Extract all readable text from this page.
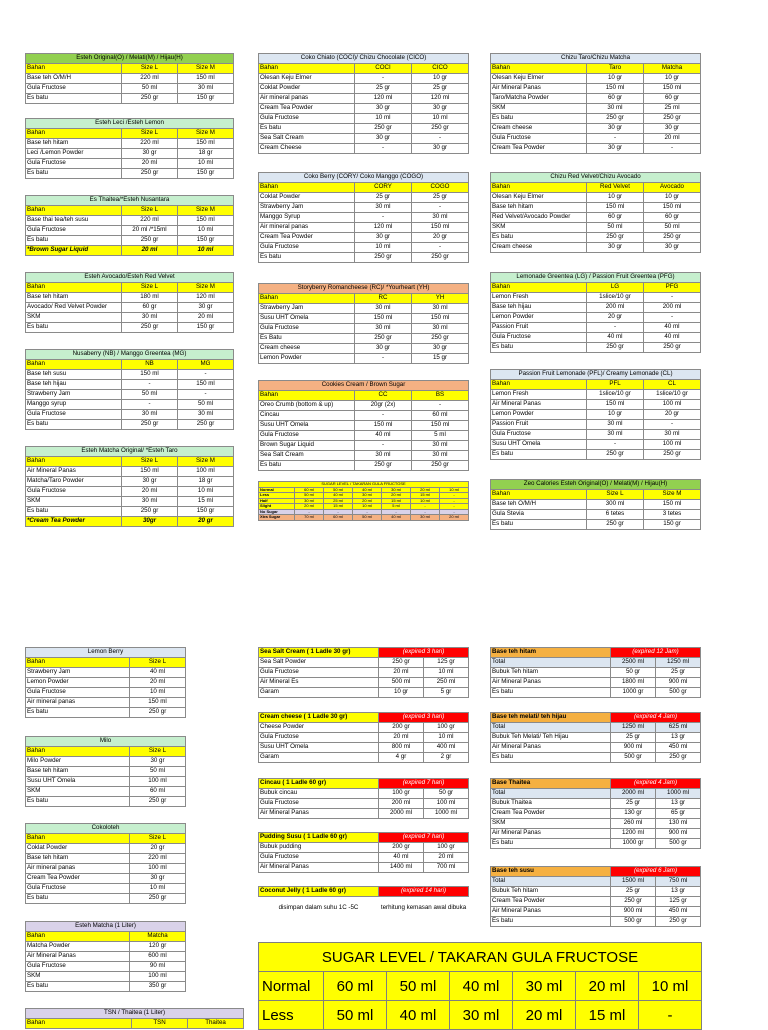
Esteh Original(O) / Melati(M) / Hijau(H)		
Bahan	Size L	Size M
Base teh O/M/H	220 ml	150 ml
Gula Fructose	50 ml	30 ml
Es batu	250 gr	150 gr
Esteh Leci /Esteh Lemon		
Bahan	Size L	Size M
Base teh hitam	220 ml	150 ml
Leci /Lemon Powder	30 gr	18 gr
Gula Fructose	20 ml	10 ml
Es batu	250 gr	150 gr
Es Thaitea/*Esteh Nusantara		
Bahan	Size L	Size M
Base thai tea/teh susu	220 ml	150 ml
Gula Fructose	20 ml /*15ml	10 ml
Es batu	250 gr	150 gr
*Brown Sugar Liquid	20 ml	10 ml
Esteh Avocado/Esteh Red Velvet		
Bahan	Size L	Size M
Base teh hitam	180 ml	120 ml
Avocado/ Red Velvet Powder	60 gr	30 gr
SKM	30 ml	20 ml
Es batu	250 gr	150 gr
Nusaberry (NB) / Manggo Greentea (MG)		
Bahan	NB	MG
Base teh susu	150 ml	-
Base teh hijau	-	150 ml
Strawberry Jam	50 ml	-
Manggo syrup	-	50 ml
Gula Fructose	30 ml	30 ml
Es batu	250 gr	250 gr
Esteh Matcha Original/ *Esteh Taro		
Bahan	Size L	Size M
Air Mineral Panas	150 ml	100 ml
Matcha/Taro Powder	30 gr	18 gr
Gula Fructose	20 ml	10 ml
SKM	30 ml	15 ml
Es batu	250 gr	150 gr
*Cream Tea Powder	30gr	20 gr
Coko Chiato (COCI)/ Chizu Chocolate (CICO)		
Bahan	COCI	CICO
Olesan Keju Elmer	-	10 gr
Coklat Powder	25 gr	25 gr
Air mineral panas	120 ml	120 ml
Cream Tea Powder	30 gr	30 gr
Gula Fructose	10 ml	10 ml
Es batu	250 gr	250 gr
Sea Salt Cream	30 gr	-
Cream Cheese	-	30 gr
Coko Berry (CORY/ Coko Manggo (COGO)		
Bahan	CORY	COGO
Coklat Powder	25 gr	25 gr
Strawberry Jam	30 ml	-
Manggo Syrup	-	30 ml
Air mineral panas	120 ml	150 ml
Cream Tea Powder	30 gr	20 gr
Gula Fructose	10 ml	-
Es batu	250 gr	250 gr
Storyberry Romancheese (RC)/ *Yourheart (YH)		
Bahan	RC	YH
Strawberry Jam	30 ml	30 ml
Susu UHT Omela	150 ml	150 ml
Gula Fructose	30 ml	30 ml
Es Batu	250 gr	250 gr
Cream cheese	30 gr	30 gr
Lemon Powder	-	15 gr
Cookies Cream / Brown Sugar		
Bahan	CC	BS
Oreo Crumb (bottom & up)	20gr (2x)	-
Cincau	-	60 ml
Susu UHT Omela	150 ml	150 ml
Gula Fructose	40 ml	5 ml
Brown Sugar Liquid	-	30 ml
Sea Salt Cream	30 ml	30 ml
Es batu	250 gr	250 gr
Chizu Taro/Chizu Matcha		
Bahan	Taro	Matcha
Olesan Keju Elmer	10 gr	10 gr
Air Mineral Panas	150 ml	150 ml
Taro/Matcha Powder	60 gr	60 gr
SKM	30 ml	25 ml
Es batu	250 gr	250 gr
Cream cheese	30 gr	30 gr
Gula Fructose	-	20 ml
Cream Tea Powder	30 gr	-
Chizu Red Velvet/Chizu Avocado		
Bahan	Red Velvet	Avocado
Olesan Keju Elmer	10 gr	10 gr
Base teh hitam	150 ml	150 ml
Red Velvet/Avocado Powder	60 gr	60 gr
SKM	50 ml	50 ml
Es batu	250 gr	250 gr
Cream cheese	30 gr	30 gr
Lemonade Greentea (LG) / Passion Fruit Greentea (PFG)		
Bahan	LG	PFG
Lemon Fresh	1slice/10 gr	-
Base teh hijau	200 ml	200 ml
Lemon Powder	20 gr	-
Passion Fruit	-	40 ml
Gula Fructose	40 ml	40 ml
Es batu	250 gr	250 gr
Passion Fruit Lemonade (PFL)/ Creamy Lemonade (CL)		
Bahan	PFL	CL
Lemon Fresh	1slice/10 gr	1slice/10 gr
Air Mineral Panas	150 ml	100 ml
Lemon Powder	10 gr	20 gr
Passion Fruit	30 ml	-
Gula Fructose	30 ml	30 ml
Susu UHT Omela	-	100 ml
Es batu	250 gr	250 gr
Zeo Calories Esteh Original(O) / Melati(M) / Hijau(H)		
Bahan	Size L	Size M
Base teh O/M/H	300 ml	150 ml
Gula Stevia	6 tetes	3 tetes
Es batu	250 gr	150 gr
Lemon Berry	
Bahan	Size L
Strawberry Jam	40 ml
Lemon Powder	20 ml
Gula Fructose	10 ml
Air mineral panas	150 ml
Es batu	250 gr
Milo	
Bahan	Size L
Milo Powder	30 gr
Base teh hitam	50 ml
Susu UHT Omela	100 ml
SKM	60 ml
Es batu	250 gr
Cokoloteh	
Bahan	Size L
Coklat Powder	20 gr
Base teh hitam	220 ml
Air mineral panas	100 ml
Cream Tea Powder	30 gr
Gula Fructose	10 ml
Es batu	250 gr
Esteh Matcha (1 Liter)	
Bahan	Matcha
Matcha Powder	120 gr
Air Mineral Panas	600 ml
Gula Fructose	90 ml
SKM	100 ml
Es batu	350 gr
TSN / Thaitea (1 Liter)
Bahan	TSN	Thaitea
SUGAR LEVEL / TAKARAN GULA FRUCTOSE						
Normal	60 ml	50 ml	40 ml	30 ml	20 ml	10 ml
Less	50 ml	40 ml	30 ml	20 ml	15 ml	-
Half	30 ml	25 ml	20 ml	15 ml	10 ml	-
Slight	20 ml	15 ml	10 ml	5 ml	-	-
No Sugar	-	-	-	-	-	-
Xtra Sugar	70 ml	60 ml	50 ml	40 ml	30 ml	20 ml
Sea Salt Cream ( 1 Ladle 30 gr)	(expired 3 hari)	
Sea Salt Powder	250 gr	125 gr
Gula Fructose	20 ml	10 ml
Air Mineral Es	500 ml	250 ml
Garam	10 gr	5 gr
Cream cheese ( 1 Ladle 30 gr)	(expired 3 hari)	
Cheese Powder	200 gr	100 gr
Gula Fructose	20 ml	10 ml
Susu UHT Omela	800 ml	400 ml
Garam	4 gr	2 gr
Cincau ( 1 Ladle 60 gr)	(expired 7 hari)	
Bubuk cincau	100 gr	50 gr
Gula Fructose	200 ml	100 ml
Air Mineral Panas	2000 ml	1000 ml
Pudding Susu ( 1 Ladle 60 gr)	(expired 7 hari)	
Bubuk pudding	200 gr	100 gr
Gula Fructose	40 ml	20 ml
Air Mineral Panas	1400 ml	700 ml
Coconut Jelly ( 1 Ladle 60 gr)	(expired 14 hari)
disimpan dalam suhu 1C -5C	terhitung kemasan awal dibuka
Base teh hitam	(expired 12 Jam)	
Total	2500 ml	1250 ml
Bubuk Teh hitam	50 gr	25 gr
Air Mineral Panas	1800 ml	900 ml
Es batu	1000 gr	500 gr
Base teh melati/ teh hijau	(expired 4 Jam)	
Total	1250 ml	625 ml
Bubuk Teh Melati/ Teh Hijau	25 gr	13 gr
Air Mineral Panas	900 ml	450 ml
Es batu	500 gr	250 gr
Base Thaitea	(expired 4 Jam)	
Total	2000 ml	1000 ml
Bubuk Thaitea	25 gr	13 gr
Cream Tea Powder	130 gr	65 gr
SKM	260 ml	130 ml
Air Mineral Panas	1200 ml	900 ml
Es batu	1000 gr	500 gr
Base teh susu	(expired 6 Jam)	
Total	1500 ml	750 ml
Bubuk Teh hitam	25 gr	13 gr
Cream Tea Powder	250 gr	125 gr
Air Mineral Panas	900 ml	450 ml
Es batu	500 gr	250 gr
SUGAR LEVEL / TAKARAN GULA FRUCTOSE						
Normal	60 ml	50 ml	40 ml	30 ml	20 ml	10 ml
Less	50 ml	40 ml	30 ml	20 ml	15 ml	-
